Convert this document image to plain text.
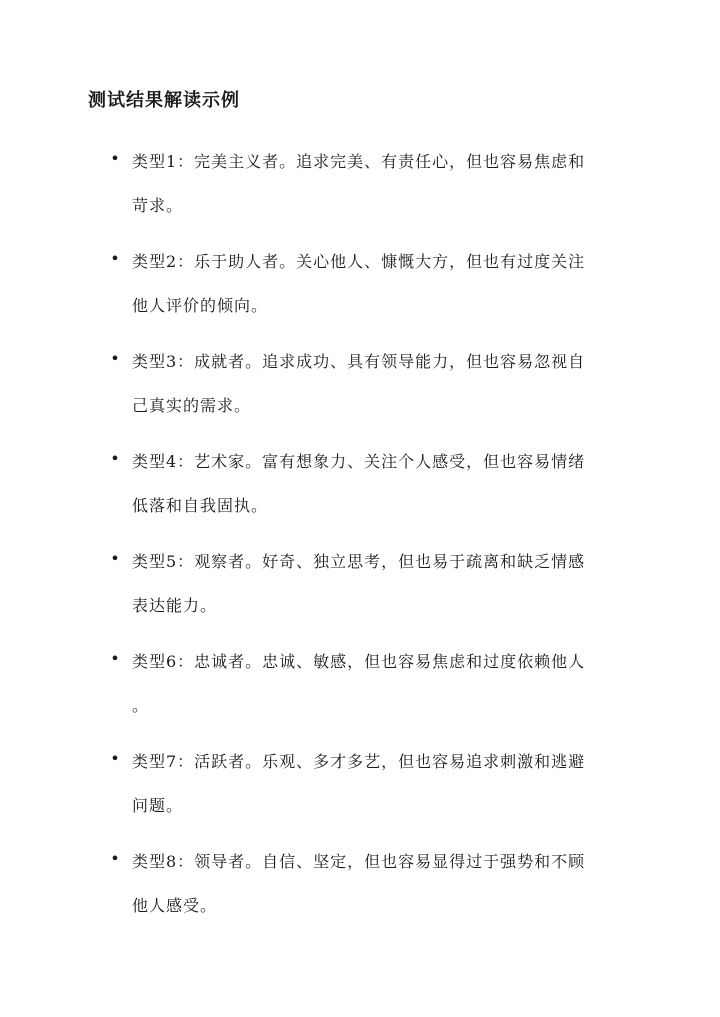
测试结果解读示例
• 类型1：完美主义者。追求完美、有责任心，但也容易焦虑和
苛求。
• 类型2：乐于助人者。关心他人、慷慨大方，但也有过度关注
他人评价的倾向。
• 类型3：成就者。追求成功、具有领导能力，但也容易忽视自
己真实的需求。
• 类型4：艺术家。富有想象力、关注个人感受，但也容易情绪
低落和自我固执。
• 类型5：观察者。好奇、独立思考，但也易于疏离和缺乏情感
表达能力。
• 类型6：忠诚者。忠诚、敏感，但也容易焦虑和过度依赖他人
。
• 类型7：活跃者。乐观、多才多艺，但也容易追求刺激和逃避
问题。
• 类型8：领导者。自信、坚定，但也容易显得过于强势和不顾
他人感受。
